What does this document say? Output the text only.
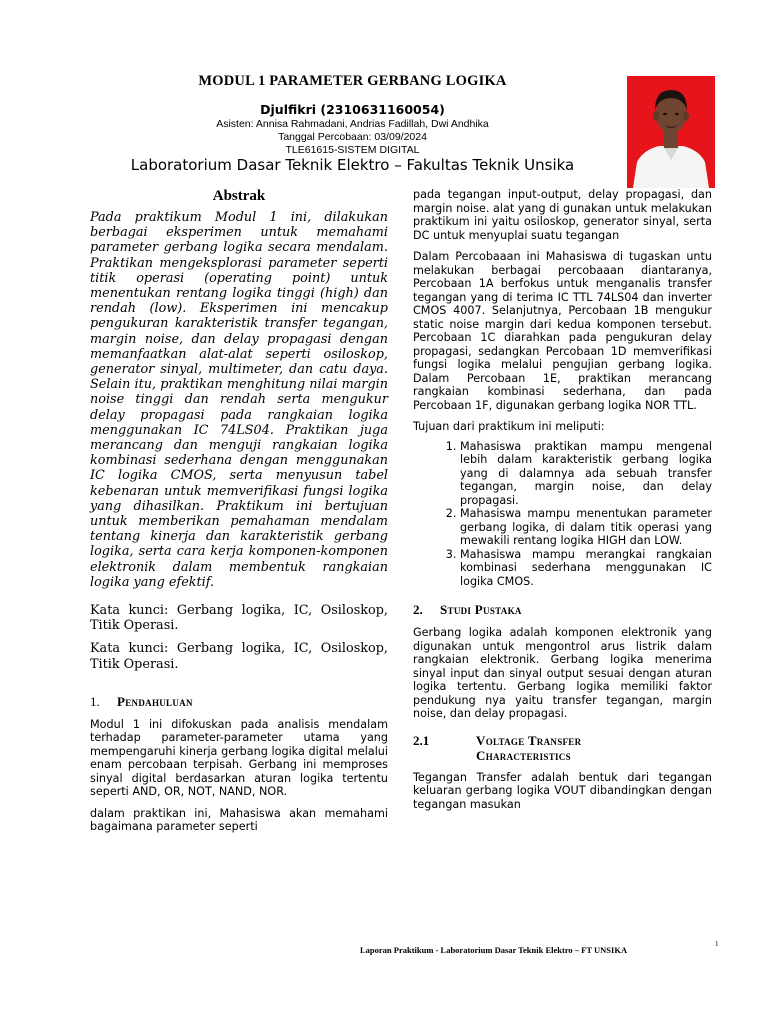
MODUL 1 PARAMETER GERBANG LOGIKA
Djulfikri (2310631160054)
Asisten: Annisa Rahmadani, Andrias Fadillah, Dwi Andhika
Tanggal Percobaan: 03/09/2024
TLE61615-SISTEM DIGITAL
Laboratorium Dasar Teknik Elektro – Fakultas Teknik Unsika
Abstrak

Pada praktikum Modul 1 ini, dilakukan berbagai eksperimen untuk memahami parameter gerbang logika secara mendalam. Praktikan mengeksplorasi parameter seperti titik operasi (operating point) untuk menentukan rentang logika tinggi (high) dan rendah (low). Eksperimen ini mencakup pengukuran karakteristik transfer tegangan, margin noise, dan delay propagasi dengan memanfaatkan alat-alat seperti osiloskop, generator sinyal, multimeter, dan catu daya. Selain itu, praktikan menghitung nilai margin noise tinggi dan rendah serta mengukur delay propagasi pada rangkaian logika menggunakan IC 74LS04. Praktikan juga merancang dan menguji rangkaian logika kombinasi sederhana dengan menggunakan IC logika CMOS, serta menyusun tabel kebenaran untuk memverifikasi fungsi logika yang dihasilkan. Praktikum ini bertujuan untuk memberikan pemahaman mendalam tentang kinerja dan karakteristik gerbang logika, serta cara kerja komponen-komponen elektronik dalam membentuk rangkaian logika yang efektif.

Kata kunci: Gerbang logika, IC, Osiloskop, Titik Operasi.

Kata kunci: Gerbang logika, IC, Osiloskop, Titik Operasi.

1.	Pendahuluan

Modul 1 ini difokuskan pada analisis mendalam terhadap parameter-parameter utama yang mempengaruhi kinerja gerbang logika digital melalui enam percobaan terpisah. Gerbang ini memproses sinyal digital berdasarkan aturan logika tertentu seperti AND, OR, NOT, NAND, NOR.

dalam praktikan ini, Mahasiswa akan memahami bagaimana parameter seperti

pada tegangan input-output, delay propagasi, dan margin noise. alat yang di gunakan untuk melakukan praktikum ini yaitu osiloskop, generator sinyal, serta DC untuk menyuplai suatu tegangan

Dalam Percobaaan ini Mahasiswa di tugaskan untu melakukan berbagai percobaaan diantaranya, Percobaan 1A berfokus untuk menganalis transfer tegangan yang di terima IC TTL 74LS04 dan inverter CMOS 4007. Selanjutnya, Percobaan 1B mengukur static noise margin dari kedua komponen tersebut. Percobaan 1C diarahkan pada pengukuran delay propagasi, sedangkan Percobaan 1D memverifikasi fungsi logika melalui pengujian gerbang logika. Dalam Percobaan 1E, praktikan merancang rangkaian kombinasi sederhana, dan pada Percobaan 1F, digunakan gerbang logika NOR TTL.

Tujuan dari praktikum ini meliputi:

1. Mahasiswa praktikan mampu mengenal lebih dalam karakteristik gerbang logika yang di dalamnya ada sebuah transfer tegangan, margin noise, dan delay propagasi.
2. Mahasiswa mampu menentukan parameter gerbang logika, di dalam titik operasi yang mewakili rentang logika HIGH dan LOW.
3. Mahasiswa mampu merangkai rangkaian kombinasi sederhana menggunakan IC logika CMOS.
2.	Studi Pustaka

Gerbang logika adalah komponen elektronik yang digunakan untuk mengontrol arus listrik dalam rangkaian elektronik. Gerbang logika menerima sinyal input dan sinyal output sesuai dengan aturan logika tertentu. Gerbang logika memiliki faktor pendukung nya yaitu transfer tegangan, margin noise, dan delay propagasi.

2.1	Voltage Transfer Characteristics

Tegangan Transfer adalah bentuk dari tegangan keluaran gerbang logika VOUT dibandingkan dengan tegangan masukan

Laporan Praktikum - Laboratorium Dasar Teknik Elektro – FT UNSIKA
1
